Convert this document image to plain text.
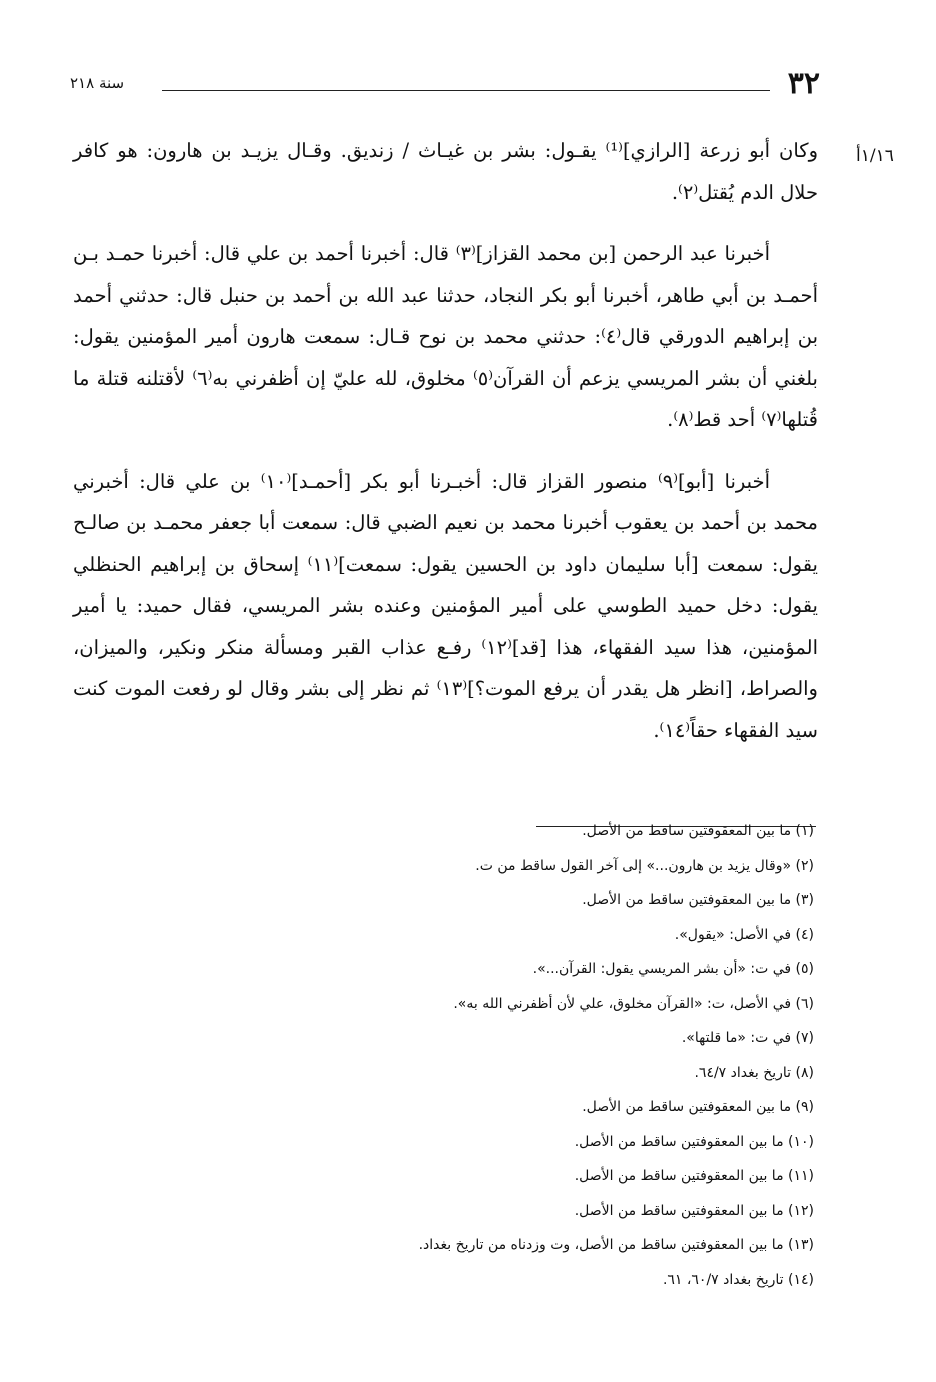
٣٢
سنة ٢١٨
١/١٦أ

وكان أبو زرعة [الرازي]⁽¹⁾ يقـول: بشر بن غيـاث / زنديق. وقـال يزيـد بن هارون: هو كافر حلال الدم يُقتل⁽٢⁾.

أخبرنا عبد الرحمن [بن محمد القزاز]⁽٣⁾ قال: أخبرنا أحمد بن علي قال: أخبرنا حمـد بـن أحمـد بن أبي طاهر، أخبرنا أبو بكر النجاد، حدثنا عبد الله بن أحمد بن حنبل قال: حدثني أحمد بن إبراهيم الدورقي قال⁽٤⁾: حدثني محمد بن نوح قـال: سمعت هارون أمير المؤمنين يقول: بلغني أن بشر المريسي يزعم أن القرآن⁽٥⁾ مخلوق، لله عليّ إن أظفرني به⁽٦⁾ لأقتلنه قتلة ما قُتلها⁽٧⁾ أحد قط⁽٨⁾.

أخبرنا [أبو]⁽٩⁾ منصور القزاز قال: أخبـرنا أبو بكر [أحمـد]⁽١٠⁾ بن علي قال: أخبرني محمد بن أحمد بن يعقوب أخبرنا محمد بن نعيم الضبي قال: سمعت أبا جعفر محمـد بن صالـح يقول: سمعت [أبا سليمان داود بن الحسين يقول: سمعت]⁽١١⁾ إسحاق بن إبراهيم الحنظلي يقول: دخل حميد الطوسي على أمير المؤمنين وعنده بشر المريسي، فقال حميد: يا أمير المؤمنين، هذا سيد الفقهاء، هذا [قد]⁽١٢⁾ رفـع عذاب القبر ومسألة منكر ونكير، والميزان، والصراط، [انظر هل يقدر أن يرفع الموت؟]⁽١٣⁾ ثم نظر إلى بشر وقال لو رفعت الموت كنت سيد الفقهاء حقاً⁽١٤⁾.

(١) ما بين المعقوفتين ساقط من الأصل.
(٢) «وقال يزيد بن هارون...» إلى آخر القول ساقط من ت.
(٣) ما بين المعقوفتين ساقط من الأصل.
(٤) في الأصل: «يقول».
(٥) في ت: «أن بشر المريسي يقول: القرآن...».
(٦) في الأصل، ت: «القرآن مخلوق، علي لأن أظفرني الله به».
(٧) في ت: «ما قلتها».
(٨) تاريخ بغداد ٦٤/٧.
(٩) ما بين المعقوفتين ساقط من الأصل.
(١٠) ما بين المعقوفتين ساقط من الأصل.
(١١) ما بين المعقوفتين ساقط من الأصل.
(١٢) ما بين المعقوفتين ساقط من الأصل.
(١٣) ما بين المعقوفتين ساقط من الأصل، وت وزدناه من تاريخ بغداد.
(١٤) تاريخ بغداد ٦٠/٧، ٦١.
